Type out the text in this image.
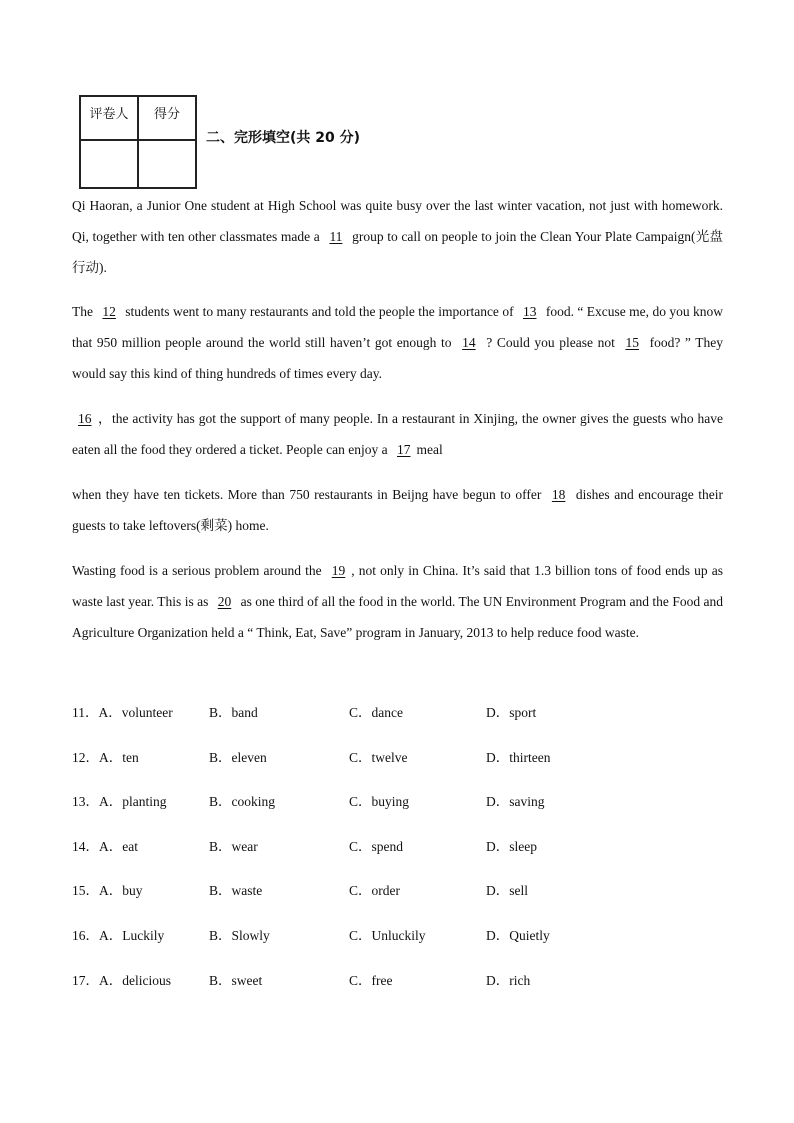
评卷人	得分

二、完形填空(共 20 分)
Qi Haoran, a Junior One student at High School was quite busy over the last winter vacation, not just with homework. Qi, together with ten other classmates made a 11 group to call on people to join the Clean Your Plate Campaign(光盘行动).
The 12 students went to many restaurants and told the people the importance of 13 food. “ Excuse me, do you know that 950 million people around the world still haven’t got enough to 14 ? Could you please not 15 food? ” They would say this kind of thing hundreds of times every day.
16 ，the activity has got the support of many people. In a restaurant in Xinjing, the owner gives the guests who have eaten all the food they ordered a ticket. People can enjoy a 17 meal
when they have ten tickets. More than 750 restaurants in Beijng have begun to offer 18 dishes and encourage their guests to take leftovers(剩菜) home.
Wasting food is a serious problem around the 19 , not only in China. It’s said that 1.3 billion tons of food ends up as waste last year. This is as 20 as one third of all the food in the world. The UN Environment Program and the Food and Agriculture Organization held a “ Think, Eat, Save” program in January, 2013 to help reduce food waste.
11．A．volunteer	B．band	C．dance	D．sport
12．A．ten	B．eleven	C．twelve	D．thirteen
13．A．planting	B．cooking	C．buying	D．saving
14．A．eat	B．wear	C．spend	D．sleep
15．A．buy	B．waste	C．order	D．sell
16．A．Luckily	B．Slowly	C．Unluckily	D．Quietly
17．A．delicious	B．sweet	C．free	D．rich
